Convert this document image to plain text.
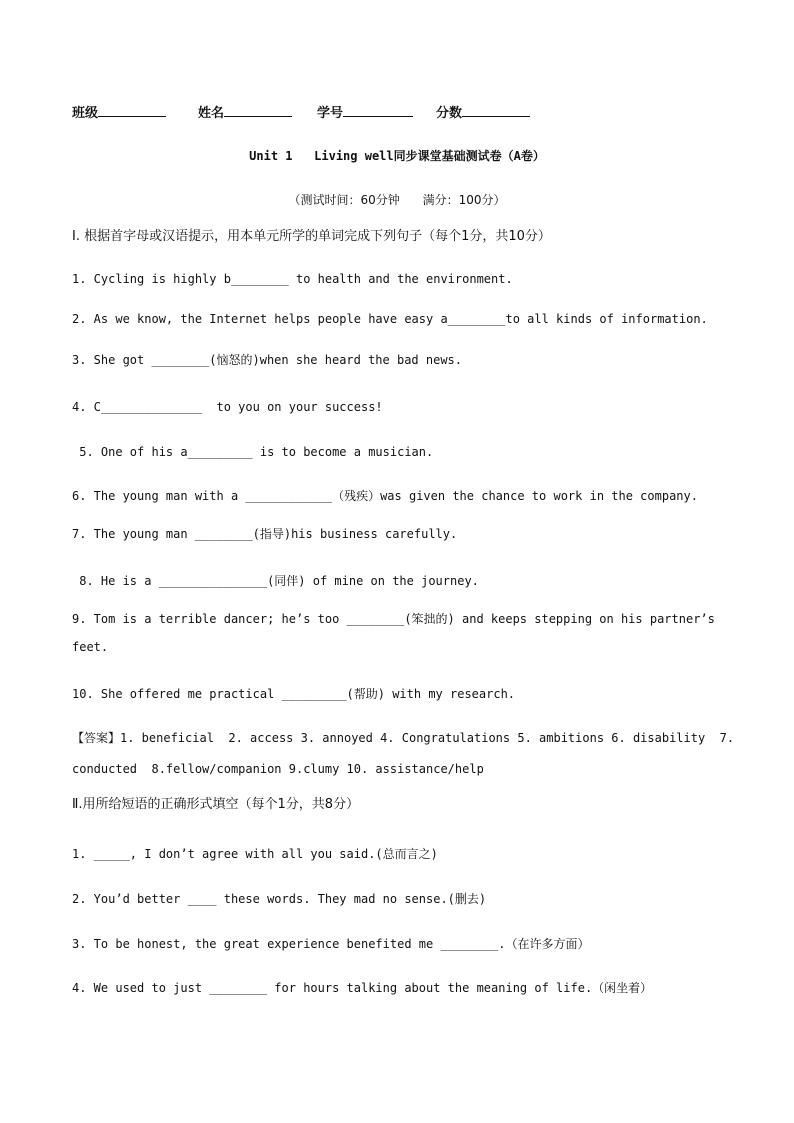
班级	姓名	学号	分数
Unit 1   Living well同步课堂基础测试卷（A卷）
（测试时间：60分钟      满分：100分）
Ⅰ. 根据首字母或汉语提示，用本单元所学的单词完成下列句子（每个1分，共10分）
1. Cycling is highly b________ to health and the environment.
2. As we know, the Internet helps people have easy a________to all kinds of information.
3. She got ________(恼怒的)when she heard the bad news.
4. C______________  to you on your success!
5. One of his a_________ is to become a musician.
6. The young man with a ____________（残疾）was given the chance to work in the company.
7. The young man ________(指导)his business carefully.
8. He is a _______________(同伴) of mine on the journey.
9. Tom is a terrible dancer; he’s too ________(笨拙的) and keeps stepping on his partner’s
feet.
10. She offered me practical _________(帮助) with my research.
【答案】1. beneficial  2. access 3. annoyed 4. Congratulations 5. ambitions 6. disability  7.
conducted  8.fellow/companion 9.clumy 10. assistance/help
Ⅱ.用所给短语的正确形式填空（每个1分，共8分）
1. _____, I don’t agree with all you said.(总而言之)
2. You’d better ____ these words. They mad no sense.(删去)
3. To be honest, the great experience benefited me ________.（在许多方面）
4. We used to just ________ for hours talking about the meaning of life.（闲坐着）
